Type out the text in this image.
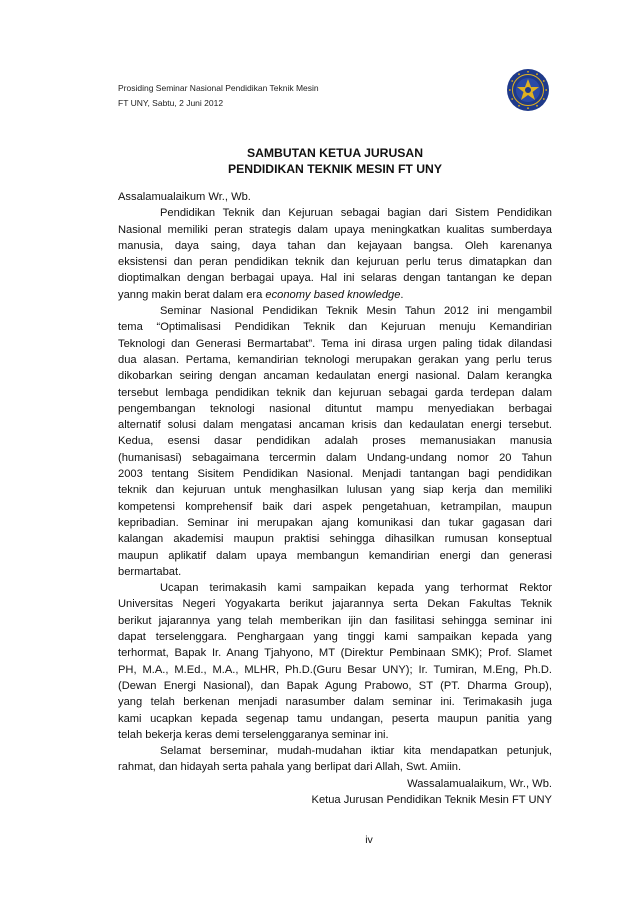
Prosiding Seminar Nasional Pendidikan Teknik Mesin
FT UNY, Sabtu, 2 Juni 2012
SAMBUTAN KETUA JURUSAN
PENDIDIKAN TEKNIK MESIN FT UNY
Assalamualaikum Wr., Wb.
Pendidikan Teknik dan Kejuruan sebagai bagian dari Sistem Pendidikan
Nasional memiliki peran strategis dalam upaya meningkatkan kualitas sumberdaya
manusia, daya saing, daya tahan dan kejayaan bangsa. Oleh karenanya
eksistensi dan peran pendidikan teknik dan kejuruan perlu terus dimatapkan dan
dioptimalkan dengan berbagai upaya. Hal ini selaras dengan tantangan ke depan
yanng makin berat dalam era economy based knowledge.
Seminar Nasional Pendidikan Teknik Mesin Tahun 2012 ini mengambil
tema “Optimalisasi Pendidikan Teknik dan Kejuruan menuju Kemandirian
Teknologi dan Generasi Bermartabat”. Tema ini dirasa urgen paling tidak dilandasi
dua alasan. Pertama, kemandirian teknologi merupakan gerakan yang perlu terus
dikobarkan seiring dengan ancaman kedaulatan energi nasional. Dalam kerangka
tersebut lembaga pendidikan teknik dan kejuruan sebagai garda terdepan dalam
pengembangan teknologi nasional dituntut mampu menyediakan berbagai
alternatif solusi dalam mengatasi ancaman krisis dan kedaulatan energi tersebut.
Kedua, esensi dasar pendidikan adalah proses memanusiakan manusia
(humanisasi) sebagaimana tercermin dalam Undang-undang nomor 20 Tahun
2003 tentang Sisitem Pendidikan Nasional. Menjadi tantangan bagi pendidikan
teknik dan kejuruan untuk menghasilkan lulusan yang siap kerja dan memiliki
kompetensi komprehensif baik dari aspek pengetahuan, ketrampilan, maupun
kepribadian. Seminar ini merupakan ajang komunikasi dan tukar gagasan dari
kalangan akademisi maupun praktisi sehingga dihasilkan rumusan konseptual
maupun aplikatif dalam upaya membangun kemandirian energi dan generasi
bermartabat.
Ucapan terimakasih kami sampaikan kepada yang terhormat Rektor
Universitas Negeri Yogyakarta berikut jajarannya serta Dekan Fakultas Teknik
berikut jajarannya yang telah memberikan ijin dan fasilitasi sehingga seminar ini
dapat terselenggara. Penghargaan yang tinggi kami sampaikan kepada yang
terhormat, Bapak Ir. Anang Tjahyono, MT (Direktur Pembinaan SMK); Prof. Slamet
PH, M.A., M.Ed., M.A., MLHR, Ph.D.(Guru Besar UNY); Ir. Tumiran, M.Eng, Ph.D.
(Dewan Energi Nasional), dan Bapak Agung Prabowo, ST (PT. Dharma Group),
yang telah berkenan menjadi narasumber dalam seminar ini. Terimakasih juga
kami ucapkan kepada segenap tamu undangan, peserta maupun panitia yang
telah bekerja keras demi terselenggaranya seminar ini.
Selamat berseminar, mudah-mudahan iktiar kita mendapatkan petunjuk,
rahmat, dan hidayah serta pahala yang berlipat dari Allah, Swt. Amiin.
Wassalamualaikum, Wr., Wb.
Ketua Jurusan Pendidikan Teknik Mesin FT UNY
iv
